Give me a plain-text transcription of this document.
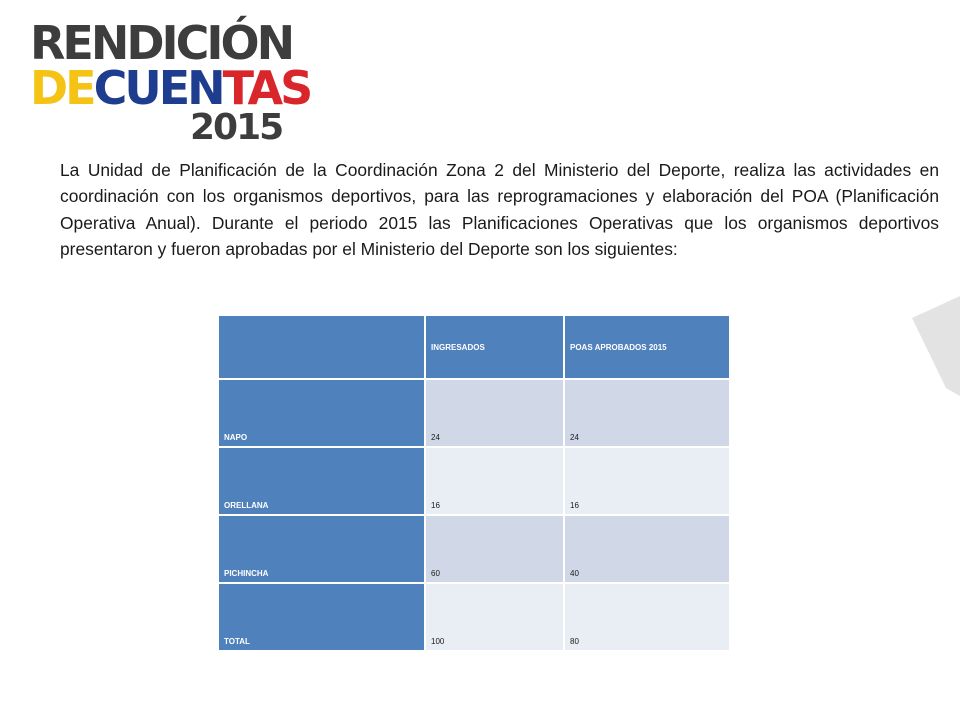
RENDICIÓN
DECUENTAS
2015

La Unidad de Planificación de la Coordinación Zona 2 del Ministerio del Deporte, realiza las actividades en coordinación con los organismos deportivos, para las reprogramaciones y elaboración del POA (Planificación Operativa Anual). Durante el periodo 2015 las Planificaciones Operativas que los organismos deportivos presentaron y fueron aprobadas por el Ministerio del Deporte son los siguientes:

	INGRESADOS	POAS APROBADOS 2015
NAPO	24	24
ORELLANA	16	16
PICHINCHA	60	40
TOTAL	100	80
